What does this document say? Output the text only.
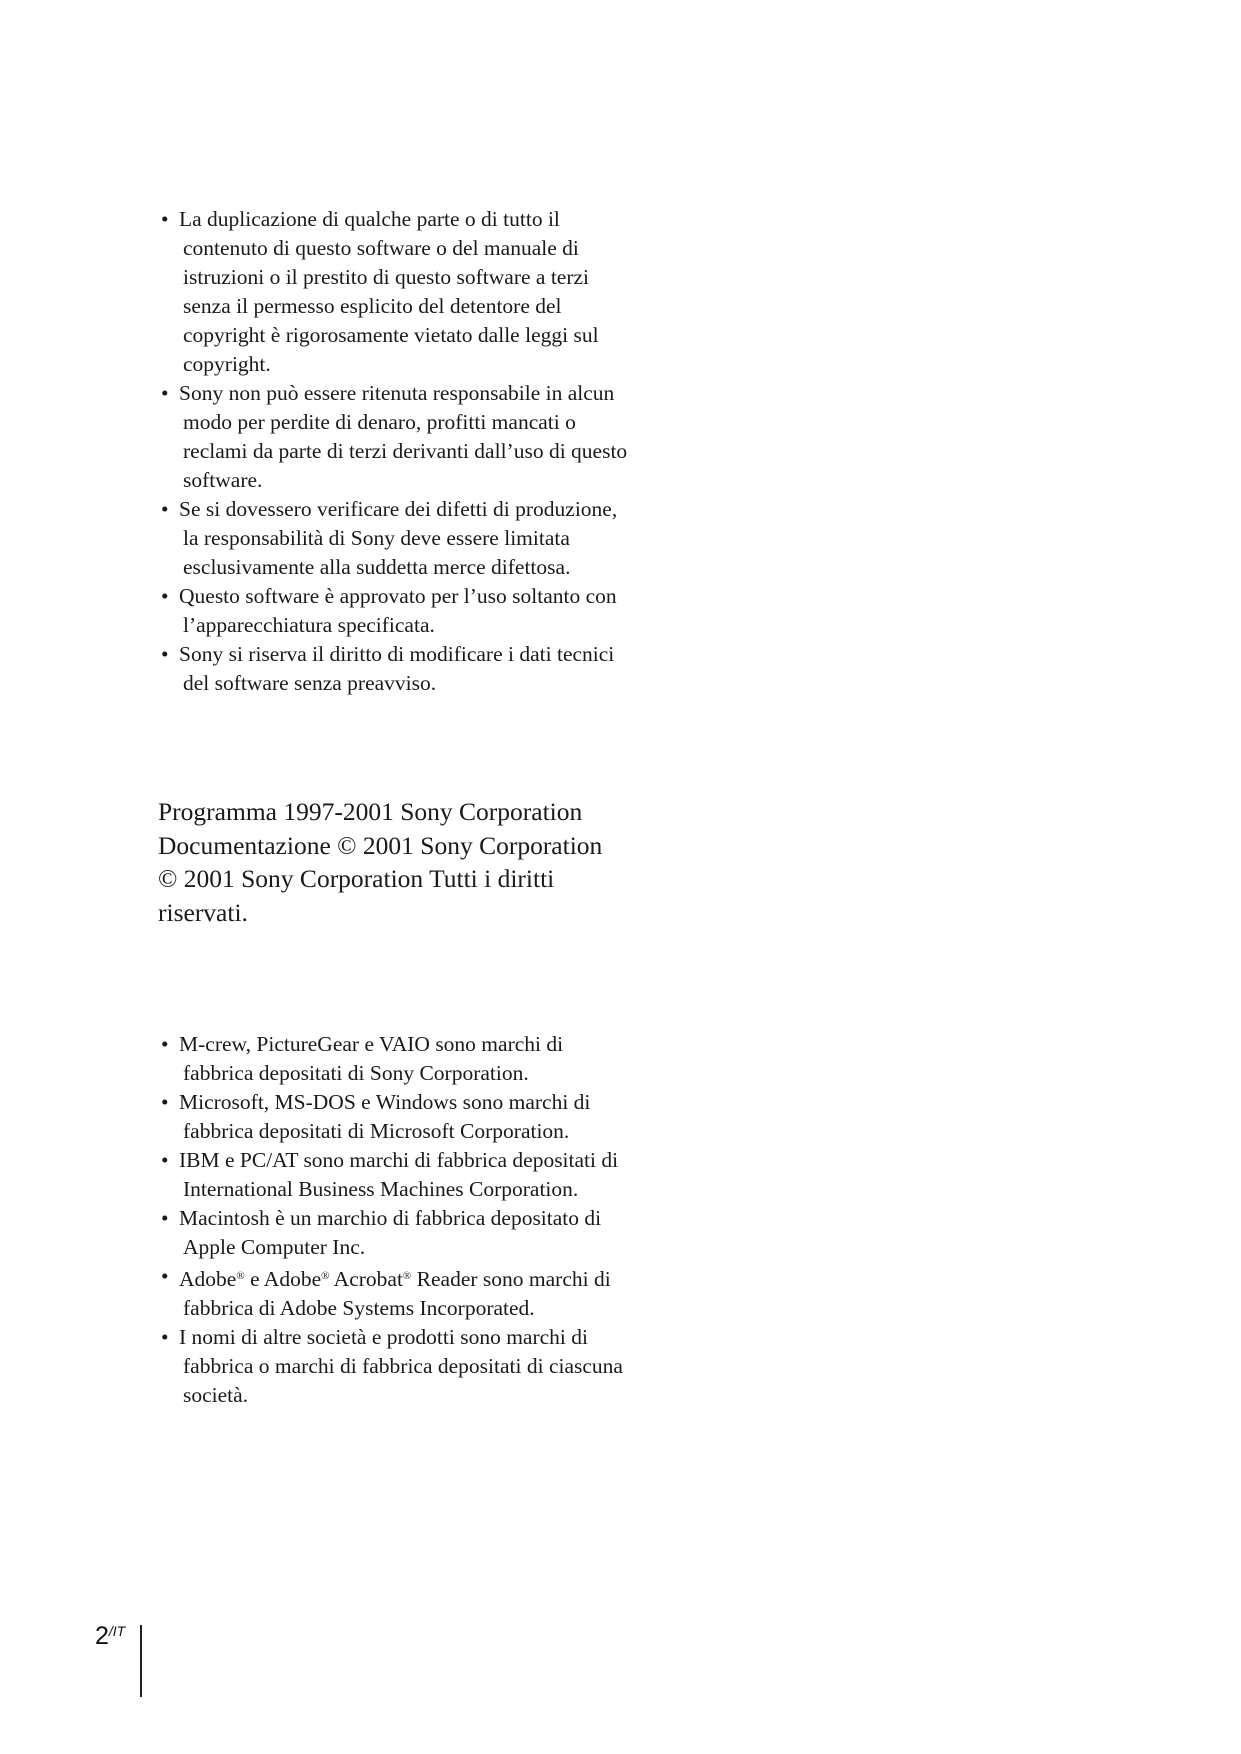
• La duplicazione di qualche parte o di tutto il contenuto di questo software o del manuale di istruzioni o il prestito di questo software a terzi senza il permesso esplicito del detentore del copyright è rigorosamente vietato dalle leggi sul copyright.
• Sony non può essere ritenuta responsabile in alcun modo per perdite di denaro, profitti mancati o reclami da parte di terzi derivanti dall’uso di questo software.
• Se si dovessero verificare dei difetti di produzione, la responsabilità di Sony deve essere limitata esclusivamente alla suddetta merce difettosa.
• Questo software è approvato per l’uso soltanto con l’apparecchiatura specificata.
• Sony si riserva il diritto di modificare i dati tecnici del software senza preavviso.
Programma 1997-2001 Sony Corporation
Documentazione © 2001 Sony Corporation
© 2001 Sony Corporation Tutti i diritti riservati.
• M-crew, PictureGear e VAIO sono marchi di fabbrica depositati di Sony Corporation.
• Microsoft, MS-DOS e Windows sono marchi di fabbrica depositati di Microsoft Corporation.
• IBM e PC/AT sono marchi di fabbrica depositati di International Business Machines Corporation.
• Macintosh è un marchio di fabbrica depositato di Apple Computer Inc.
• Adobe® e Adobe® Acrobat® Reader sono marchi di fabbrica di Adobe Systems Incorporated.
• I nomi di altre società e prodotti sono marchi di fabbrica o marchi di fabbrica depositati di ciascuna società.
$2^{/IT}$
